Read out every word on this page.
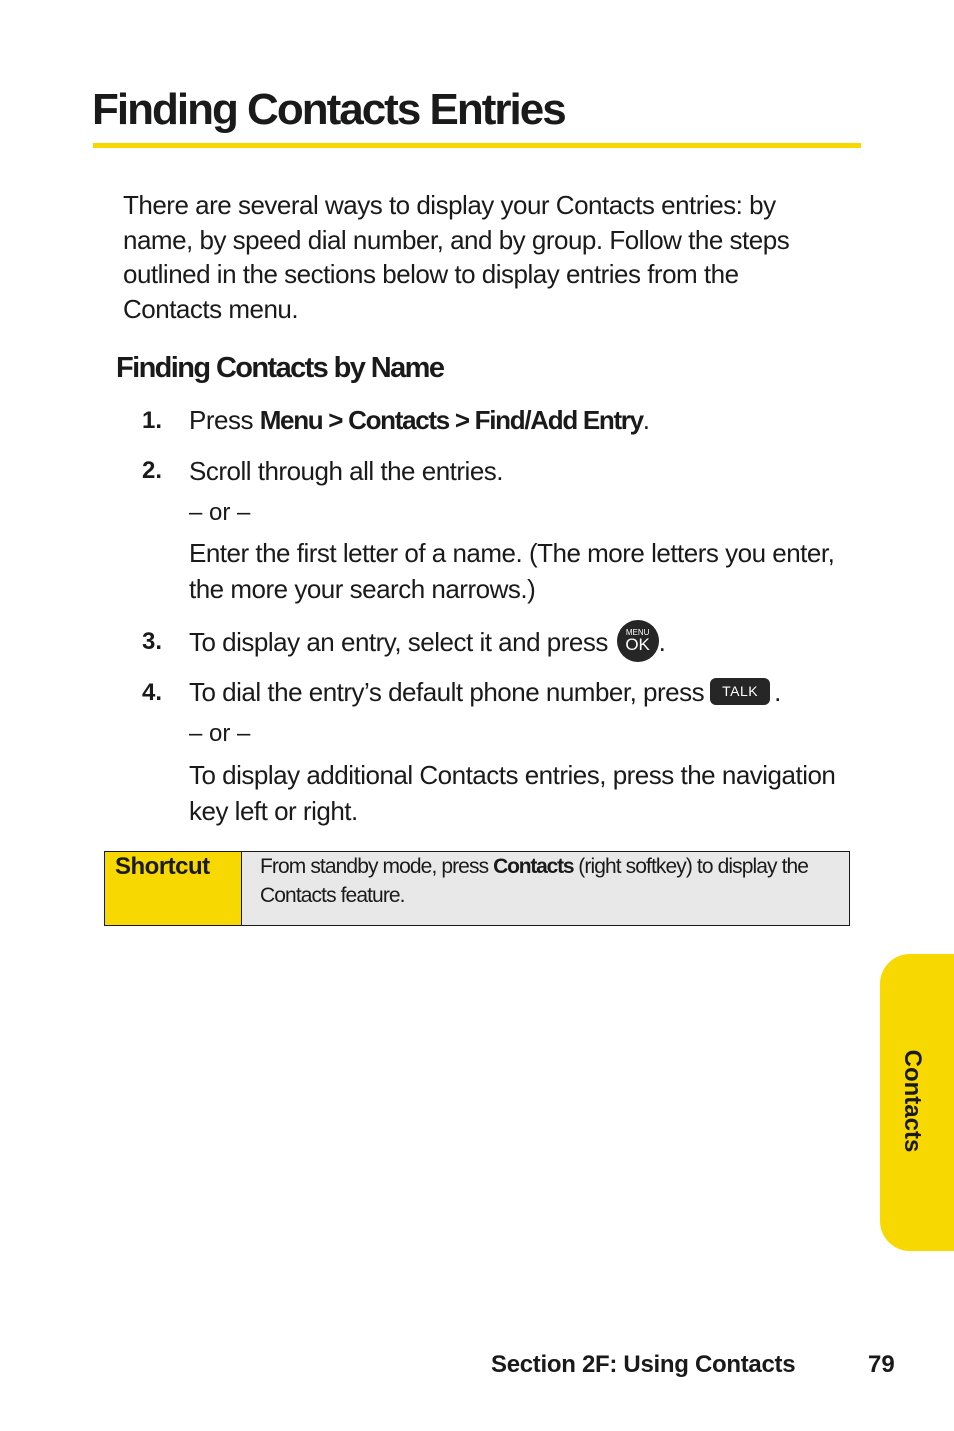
Finding Contacts Entries

There are several ways to display your Contacts entries: by name, by speed dial number, and by group. Follow the steps outlined in the sections below to display entries from the Contacts menu.

Finding Contacts by Name
1. Press Menu > Contacts > Find/Add Entry.
2. Scroll through all the entries.
– or –
Enter the first letter of a name. (The more letters you enter, the more your search narrows.)
3. To display an entry, select it and press	MENU
OK .
4. To dial the entry’s default phone number, press TALK .
– or –
To display additional Contacts entries, press the navigation key left or right.
Shortcut	From standby mode, press Contacts (right softkey) to display the Contacts feature.
Contacts
Section 2F: Using Contacts	79
